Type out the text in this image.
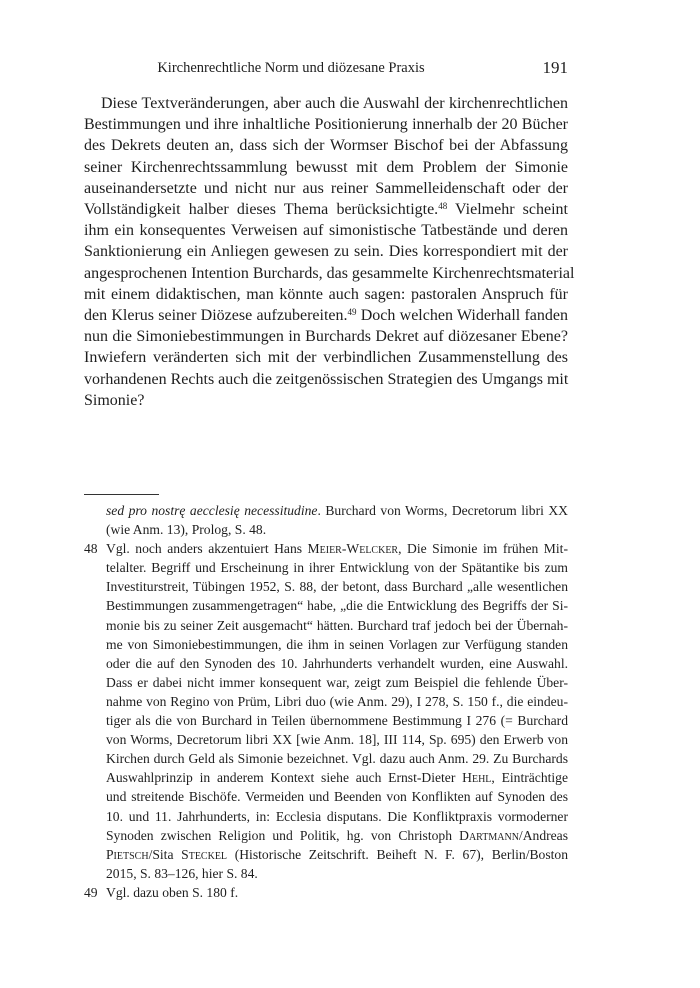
Kirchenrechtliche Norm und diözesane Praxis	191
Diese Textveränderungen, aber auch die Auswahl der kirchenrechtlichen
Bestimmungen und ihre inhaltliche Positionierung innerhalb der 20 Bücher
des Dekrets deuten an, dass sich der Wormser Bischof bei der Abfassung
seiner Kirchenrechtssammlung bewusst mit dem Problem der Simonie
auseinandersetzte und nicht nur aus reiner Sammelleidenschaft oder der
Vollständigkeit halber dieses Thema berücksichtigte.$^{48}$ Vielmehr scheint
ihm ein konsequentes Verweisen auf simonistische Tatbestände und deren
Sanktionierung ein Anliegen gewesen zu sein. Dies korrespondiert mit der
angesprochenen Intention Burchards, das gesammelte Kirchenrechtsmaterial
mit einem didaktischen, man könnte auch sagen: pastoralen Anspruch für
den Klerus seiner Diözese aufzubereiten.$^{49}$ Doch welchen Widerhall fanden
nun die Simoniebestimmungen in Burchards Dekret auf diözesaner Ebene?
Inwiefern veränderten sich mit der verbindlichen Zusammenstellung des
vorhandenen Rechts auch die zeitgenössischen Strategien des Umgangs mit
Simonie?
sed pro nostrę aecclesię necessitudine. Burchard von Worms, Decretorum libri XX
(wie Anm. 13), Prolog, S. 48.
48 Vgl. noch anders akzentuiert Hans Meier-Welcker, Die Simonie im frühen Mit-
telalter. Begriff und Erscheinung in ihrer Entwicklung von der Spätantike bis zum
Investiturstreit, Tübingen 1952, S. 88, der betont, dass Burchard „alle wesentlichen
Bestimmungen zusammengetragen“ habe, „die die Entwicklung des Begriffs der Si-
monie bis zu seiner Zeit ausgemacht“ hätten. Burchard traf jedoch bei der Übernah-
me von Simoniebestimmungen, die ihm in seinen Vorlagen zur Verfügung standen
oder die auf den Synoden des 10. Jahrhunderts verhandelt wurden, eine Auswahl.
Dass er dabei nicht immer konsequent war, zeigt zum Beispiel die fehlende Über-
nahme von Regino von Prüm, Libri duo (wie Anm. 29), I 278, S. 150 f., die eindeu-
tiger als die von Burchard in Teilen übernommene Bestimmung I 276 (= Burchard
von Worms, Decretorum libri XX [wie Anm. 18], III 114, Sp. 695) den Erwerb von
Kirchen durch Geld als Simonie bezeichnet. Vgl. dazu auch Anm. 29. Zu Burchards
Auswahlprinzip in anderem Kontext siehe auch Ernst-Dieter Hehl, Einträchtige
und streitende Bischöfe. Vermeiden und Beenden von Konflikten auf Synoden des
10. und 11. Jahrhunderts, in: Ecclesia disputans. Die Konfliktpraxis vormoderner
Synoden zwischen Religion und Politik, hg. von Christoph Dartmann/Andreas
Pietsch/Sita Steckel (Historische Zeitschrift. Beiheft N. F. 67), Berlin/Boston
2015, S. 83–126, hier S. 84.
49 Vgl. dazu oben S. 180 f.
